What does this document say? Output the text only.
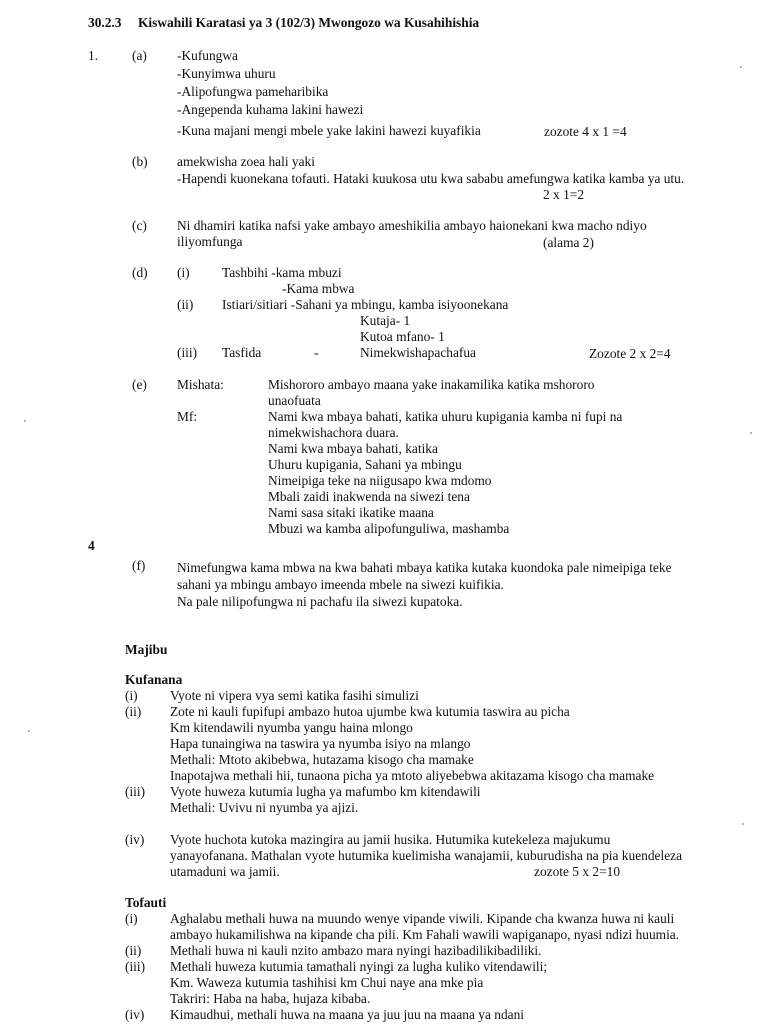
30.2.3 Kiswahili Karatasi ya 3 (102/3) Mwongozo wa Kusahihishia
1.	(a) -Kufungwa
-Kunyimwa uhuru
-Alipofungwa pameharibika
-Angependa kuhama lakini hawezi
-Kuna majani mengi mbele yake lakini hawezi kuyafikia	zozote 4 x 1 =4
(b) amekwisha zoea hali yaki
-Hapendi kuonekana tofauti. Hataki kuukosa utu kwa sababu amefungwa katika kamba ya utu.
2 x 1=2
(c) Ni dhamiri katika nafsi yake ambayo ameshikilia ambayo haionekani kwa macho ndiyo
iliyomfunga	(alama 2)
(d) (i) Tashbihi -kama mbuzi
-Kama mbwa
(ii) Istiari/sitiari -Sahani ya mbingu, kamba isiyoonekana
Kutaja- 1
Kutoa mfano- 1
(iii) Tasfida	-	Nimekwishapachafua	Zozote 2 x 2=4
(e) Mishata:	Mishororo ambayo maana yake inakamilika katika mshororo
unaofuata
Mf:	Nami kwa mbaya bahati, katika uhuru kupigania kamba ni fupi na
nimekwishachora duara.
Nami kwa mbaya bahati, katika
Uhuru kupigania, Sahani ya mbingu
Nimeipiga teke na niigusapo kwa mdomo
Mbali zaidi inakwenda na siwezi tena
Nami sasa sitaki ikatike maana
Mbuzi wa kamba alipofunguliwa, mashamba
4
(f) Nimefungwa kama mbwa na kwa bahati mbaya katika kutaka kuondoka pale nimeipiga teke
sahani ya mbingu ambayo imeenda mbele na siwezi kuifikia.
Na pale nilipofungwa ni pachafu ila siwezi kupatoka.
Majibu
Kufanana
(i) Vyote ni vipera vya semi katika fasihi simulizi
(ii) Zote ni kauli fupifupi ambazo hutoa ujumbe kwa kutumia taswira au picha
Km kitendawili nyumba yangu haina mlongo
Hapa tunaingiwa na taswira ya nyumba isiyo na mlango
Methali: Mtoto akibebwa, hutazama kisogo cha mamake
Inapotajwa methali hii, tunaona picha ya mtoto aliyebebwa akitazama kisogo cha mamake
(iii) Vyote huweza kutumia lugha ya mafumbo km kitendawili
Methali: Uvivu ni nyumba ya ajizi.
(iv) Vyote huchota kutoka mazingira au jamii husika. Hutumika kutekeleza majukumu
yanayofanana. Mathalan vyote hutumika kuelimisha wanajamii, kuburudisha na pia kuendeleza
utamaduni wa jamii.	zozote 5 x 2=10
Tofauti
(i) Aghalabu methali huwa na muundo wenye vipande viwili. Kipande cha kwanza huwa ni kauli
ambayo hukamilishwa na kipande cha pili. Km Fahali wawili wapiganapo, nyasi ndizi huumia.
(ii) Methali huwa ni kauli nzito ambazo mara nyingi hazibadilikibadiliki.
(iii) Methali huweza kutumia tamathali nyingi za lugha kuliko vitendawili;
Km. Waweza kutumia tashihisi km Chui naye ana mke pia
Takriri: Haba na haba, hujaza kibaba.
(iv) Kimaudhui, methali huwa na maana ya juu juu na maana ya ndani
